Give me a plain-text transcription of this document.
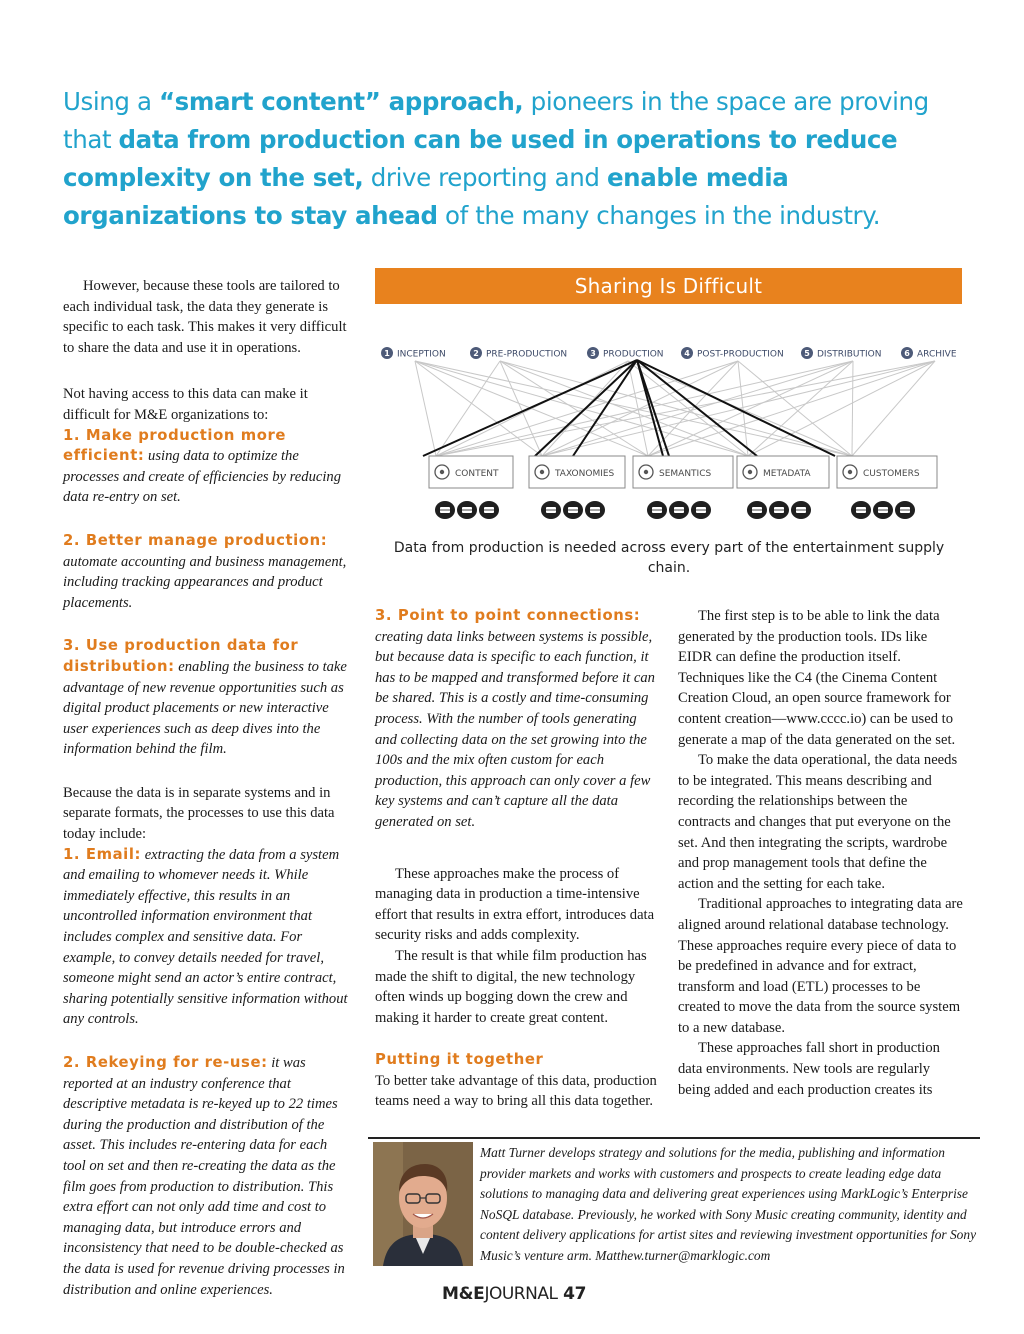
Using a “smart content” approach, pioneers in the space are proving that data from production can be used in operations to reduce complexity on the set, drive reporting and enable media organizations to stay ahead of the many changes in the industry.

However, because these tools are tailored to each individual task, the data they generate is specific to each task. This makes it very difficult to share the data and use it in operations.

Not having access to this data can make it difficult for M&E organizations to:

1. Make production more efficient: using data to optimize the processes and create of efficiencies by reducing data re-entry on set.

2. Better manage production:
automate accounting and business management, including tracking appearances and product placements.

3. Use production data for distribution: enabling the business to take advantage of new revenue opportunities such as digital product placements or new interactive user experiences such as deep dives into the information behind the film.

Because the data is in separate systems and in separate formats, the processes to use this data today include:

1. Email: extracting the data from a system and emailing to whomever needs it. While immediately effective, this results in an uncontrolled information environment that includes complex and sensitive data. For example, to convey details needed for travel, someone might send an actor’s entire contract, sharing potentially sensitive information without any controls.

2. Rekeying for re-use: it was reported at an industry conference that descriptive metadata is re-keyed up to 22 times during the production and distribution of the asset. This includes re-entering data for each tool on set and then re-creating the data as the film goes from production to distribution. This extra effort can not only add time and cost to managing data, but introduce errors and inconsistency that need to be double-checked as the data is used for revenue driving processes in distribution and online experiences.

Sharing Is Difficult
1 INCEPTION	2 PRE-PRODUCTION	3 PRODUCTION	4 POST-PRODUCTION	5 DISTRIBUTION	6 ARCHIVE
CONTENT	TAXONOMIES	SEMANTICS	METADATA	CUSTOMERS
Data from production is needed across every part of the entertainment supply chain.

3. Point to point connections:
creating data links between systems is possible, but because data is specific to each function, it has to be mapped and transformed before it can be shared. This is a costly and time-consuming process. With the number of tools generating and collecting data on the set growing into the 100s and the mix often custom for each production, this approach can only cover a few key systems and can’t capture all the data generated on set.

These approaches make the process of managing data in production a time-intensive effort that results in extra effort, introduces data security risks and adds complexity.

The result is that while film production has made the shift to digital, the new technology often winds up bogging down the crew and making it harder to create great content.

Putting it together

To better take advantage of this data, production teams need a way to bring all this data together.

The first step is to be able to link the data generated by the production tools. IDs like EIDR can define the production itself. Techniques like the C4 (the Cinema Content Creation Cloud, an open source framework for content creation—www.cccc.io) can be used to generate a map of the data generated on the set.

To make the data operational, the data needs to be integrated. This means describing and recording the relationships between the contracts and changes that put everyone on the set. And then integrating the scripts, wardrobe and prop management tools that define the action and the setting for each take.

Traditional approaches to integrating data are aligned around relational database technology. These approaches require every piece of data to be predefined in advance and for extract, transform and load (ETL) processes to be created to move the data from the source system to a new database.

These approaches fall short in production data environments. New tools are regularly being added and each production creates its

Matt Turner develops strategy and solutions for the media, publishing and information provider markets and works with customers and prospects to create leading edge data solutions to managing data and delivering great experiences using MarkLogic’s Enterprise NoSQL database. Previously, he worked with Sony Music creating community, identity and content delivery applications for artist sites and reviewing investment opportunities for Sony Music’s venture arm. Matthew.turner@marklogic.com
M&EJOURNAL 47
